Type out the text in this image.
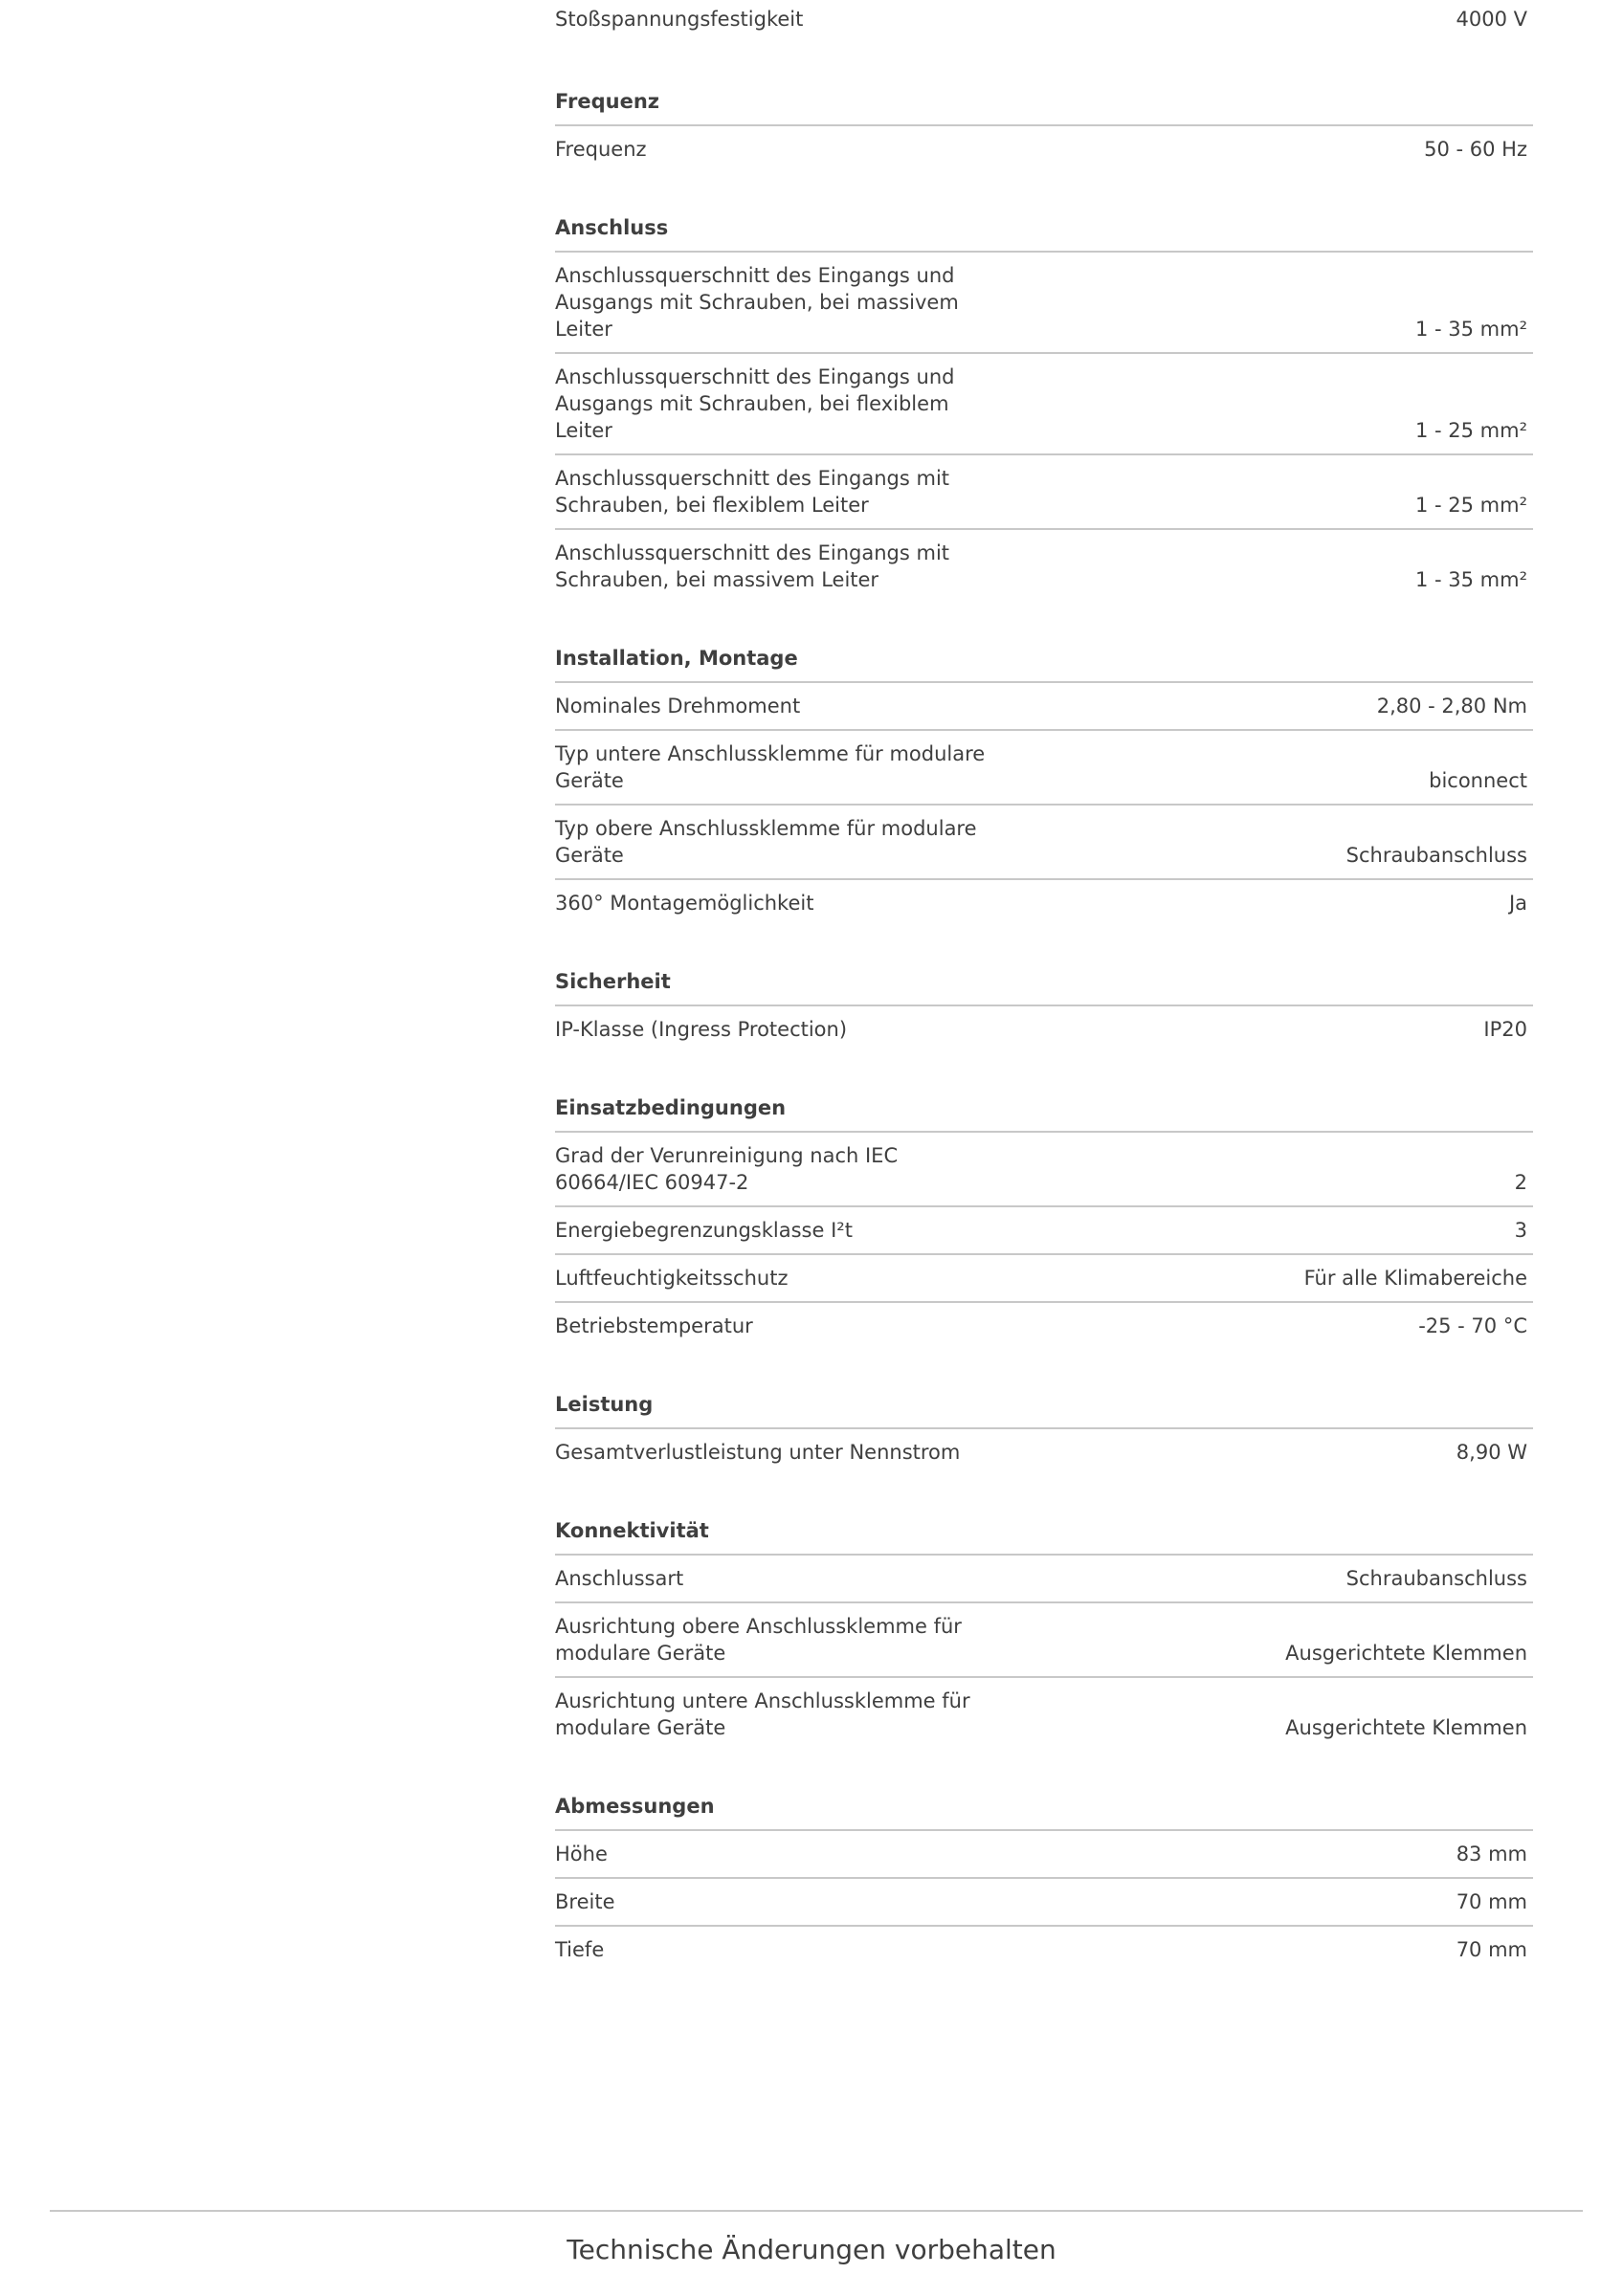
Stoßspannungsfestigkeit	4000 V
Frequenz
Frequenz	50 - 60 Hz
Anschluss
Anschlussquerschnitt des Eingangs und Ausgangs mit Schrauben, bei massivem Leiter	1 - 35 mm²
Anschlussquerschnitt des Eingangs und Ausgangs mit Schrauben, bei flexiblem Leiter	1 - 25 mm²
Anschlussquerschnitt des Eingangs mit Schrauben, bei flexiblem Leiter	1 - 25 mm²
Anschlussquerschnitt des Eingangs mit Schrauben, bei massivem Leiter	1 - 35 mm²
Installation, Montage
Nominales Drehmoment	2,80 - 2,80 Nm
Typ untere Anschlussklemme für modulare Geräte	biconnect
Typ obere Anschlussklemme für modulare Geräte	Schraubanschluss
360° Montagemöglichkeit	Ja
Sicherheit
IP-Klasse (Ingress Protection)	IP20
Einsatzbedingungen
Grad der Verunreinigung nach IEC 60664/IEC 60947-2	2
Energiebegrenzungsklasse I²t	3
Luftfeuchtigkeitsschutz	Für alle Klimabereiche
Betriebstemperatur	-25 - 70 °C
Leistung
Gesamtverlustleistung unter Nennstrom	8,90 W
Konnektivität
Anschlussart	Schraubanschluss
Ausrichtung obere Anschlussklemme für modulare Geräte	Ausgerichtete Klemmen
Ausrichtung untere Anschlussklemme für modulare Geräte	Ausgerichtete Klemmen
Abmessungen
Höhe	83 mm
Breite	70 mm
Tiefe	70 mm
Technische Änderungen vorbehalten
